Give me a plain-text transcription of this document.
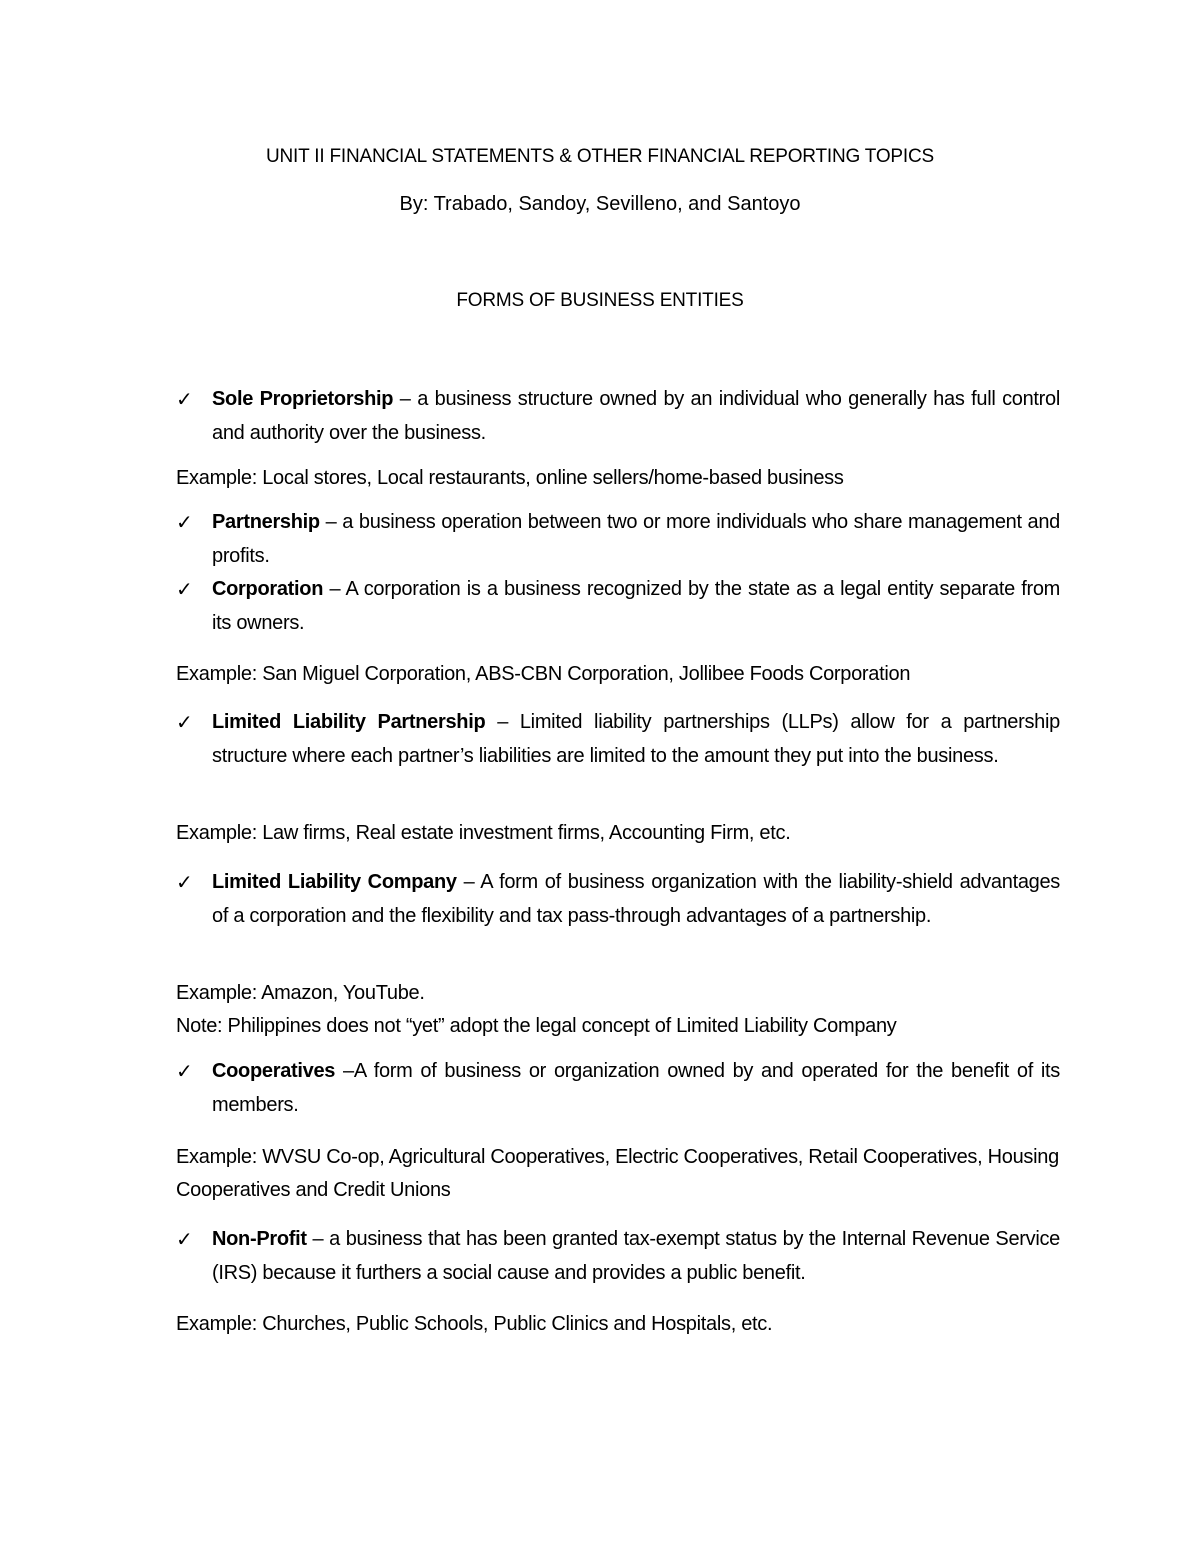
UNIT II FINANCIAL STATEMENTS & OTHER FINANCIAL REPORTING TOPICS
By: Trabado, Sandoy, Sevilleno, and Santoyo
FORMS OF BUSINESS ENTITIES
✓ Sole Proprietorship – a business structure owned by an individual who generally has full control and authority over the business.
Example: Local stores, Local restaurants, online sellers/home-based business
✓ Partnership – a business operation between two or more individuals who share management and profits.
✓ Corporation – A corporation is a business recognized by the state as a legal entity separate from its owners.
Example: San Miguel Corporation, ABS-CBN Corporation, Jollibee Foods Corporation
✓ Limited Liability Partnership – Limited liability partnerships (LLPs) allow for a partnership structure where each partner’s liabilities are limited to the amount they put into the business.
Example: Law firms, Real estate investment firms, Accounting Firm, etc.
✓ Limited Liability Company – A form of business organization with the liability-shield advantages of a corporation and the flexibility and tax pass-through advantages of a partnership.
Example: Amazon, YouTube.
Note: Philippines does not “yet” adopt the legal concept of Limited Liability Company
✓ Cooperatives –A form of business or organization owned by and operated for the benefit of its members.
Example: WVSU Co-op, Agricultural Cooperatives, Electric Cooperatives, Retail Cooperatives, Housing Cooperatives and Credit Unions
✓ Non-Profit – a business that has been granted tax-exempt status by the Internal Revenue Service (IRS) because it furthers a social cause and provides a public benefit.
Example: Churches, Public Schools, Public Clinics and Hospitals, etc.
